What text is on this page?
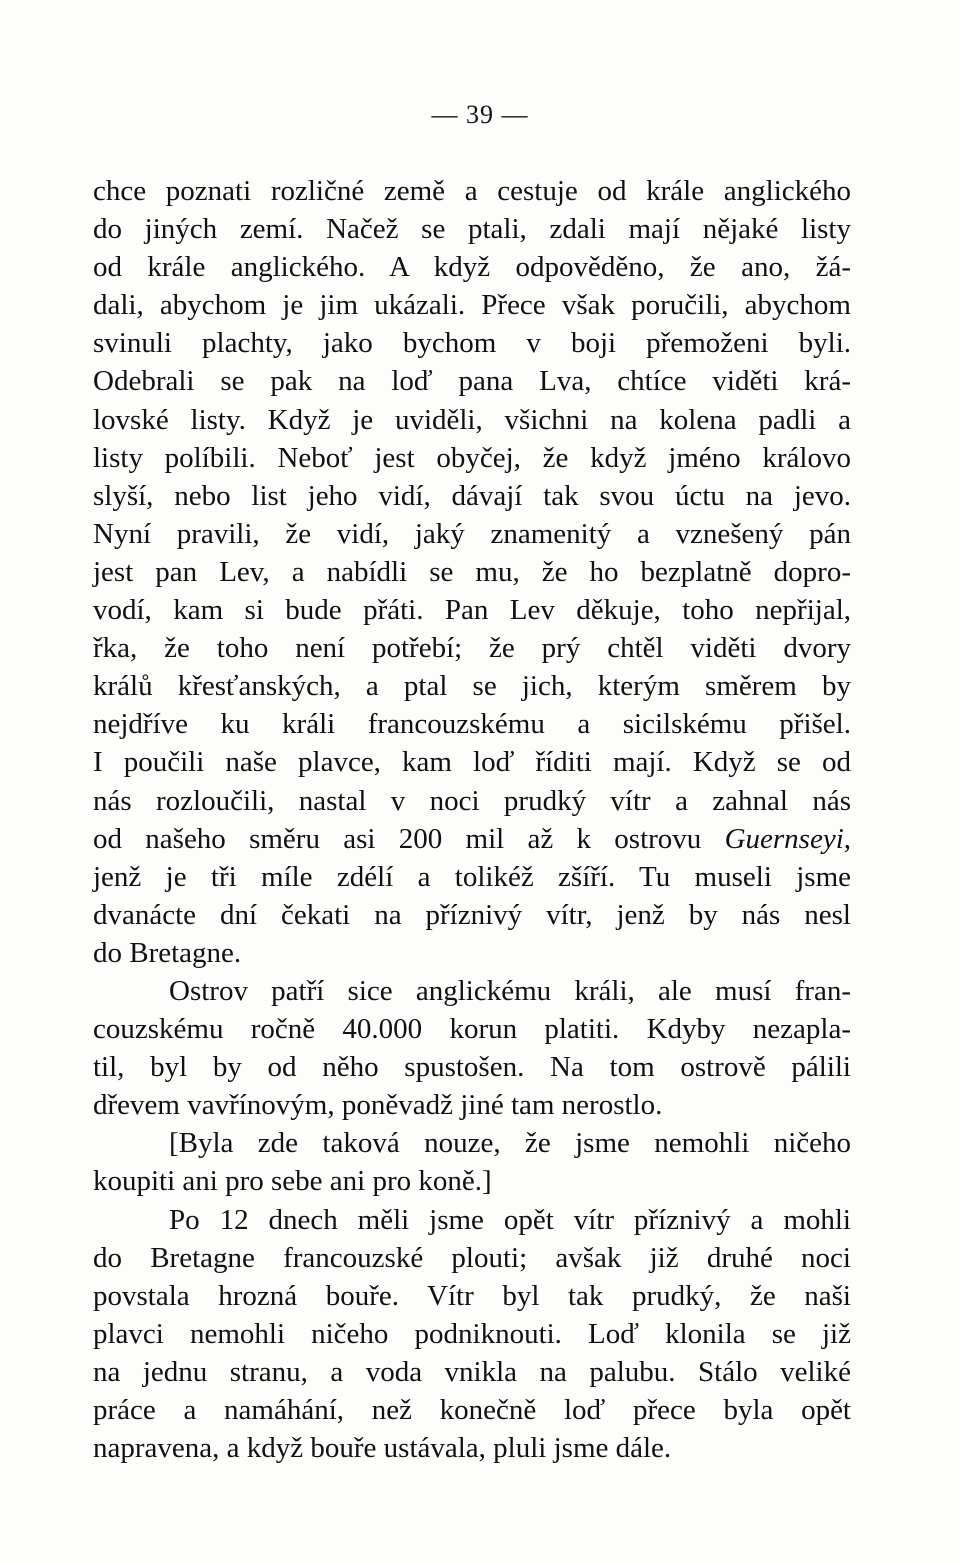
— 39 —
chce poznati rozličné země a cestuje od krále anglického
do jiných zemí. Načež se ptali, zdali mají nějaké listy
od krále anglického. A když odpověděno, že ano, žá-
dali, abychom je jim ukázali. Přece však poručili, abychom
svinuli plachty, jako bychom v boji přemoženi byli.
Odebrali se pak na loď pana Lva, chtíce viděti krá-
lovské listy. Když je uviděli, všichni na kolena padli a
listy políbili. Neboť jest obyčej, že když jméno královo
slyší, nebo list jeho vidí, dávají tak svou úctu na jevo.
Nyní pravili, že vidí, jaký znamenitý a vznešený pán
jest pan Lev, a nabídli se mu, že ho bezplatně dopro-
vodí, kam si bude přáti. Pan Lev děkuje, toho nepřijal,
řka, že toho není potřebí; že prý chtěl viděti dvory
králů křesťanských, a ptal se jich, kterým směrem by
nejdříve ku králi francouzskému a sicilskému přišel.
I poučili naše plavce, kam loď říditi mají. Když se od
nás rozloučili, nastal v noci prudký vítr a zahnal nás
od našeho směru asi 200 mil až k ostrovu Guernseyi,
jenž je tři míle zdélí a tolikéž zšíří. Tu museli jsme
dvanácte dní čekati na příznivý vítr, jenž by nás nesl
do Bretagne.
Ostrov patří sice anglickému králi, ale musí fran-
couzskému ročně 40.000 korun platiti. Kdyby nezapla-
til, byl by od něho spustošen. Na tom ostrově pálili
dřevem vavřínovým, poněvadž jiné tam nerostlo.
[Byla zde taková nouze, že jsme nemohli ničeho
koupiti ani pro sebe ani pro koně.]
Po 12 dnech měli jsme opět vítr příznivý a mohli
do Bretagne francouzské plouti; avšak již druhé noci
povstala hrozná bouře. Vítr byl tak prudký, že naši
plavci nemohli ničeho podniknouti. Loď klonila se již
na jednu stranu, a voda vnikla na palubu. Stálo veliké
práce a namáhání, než konečně loď přece byla opět
napravena, a když bouře ustávala, pluli jsme dále.
